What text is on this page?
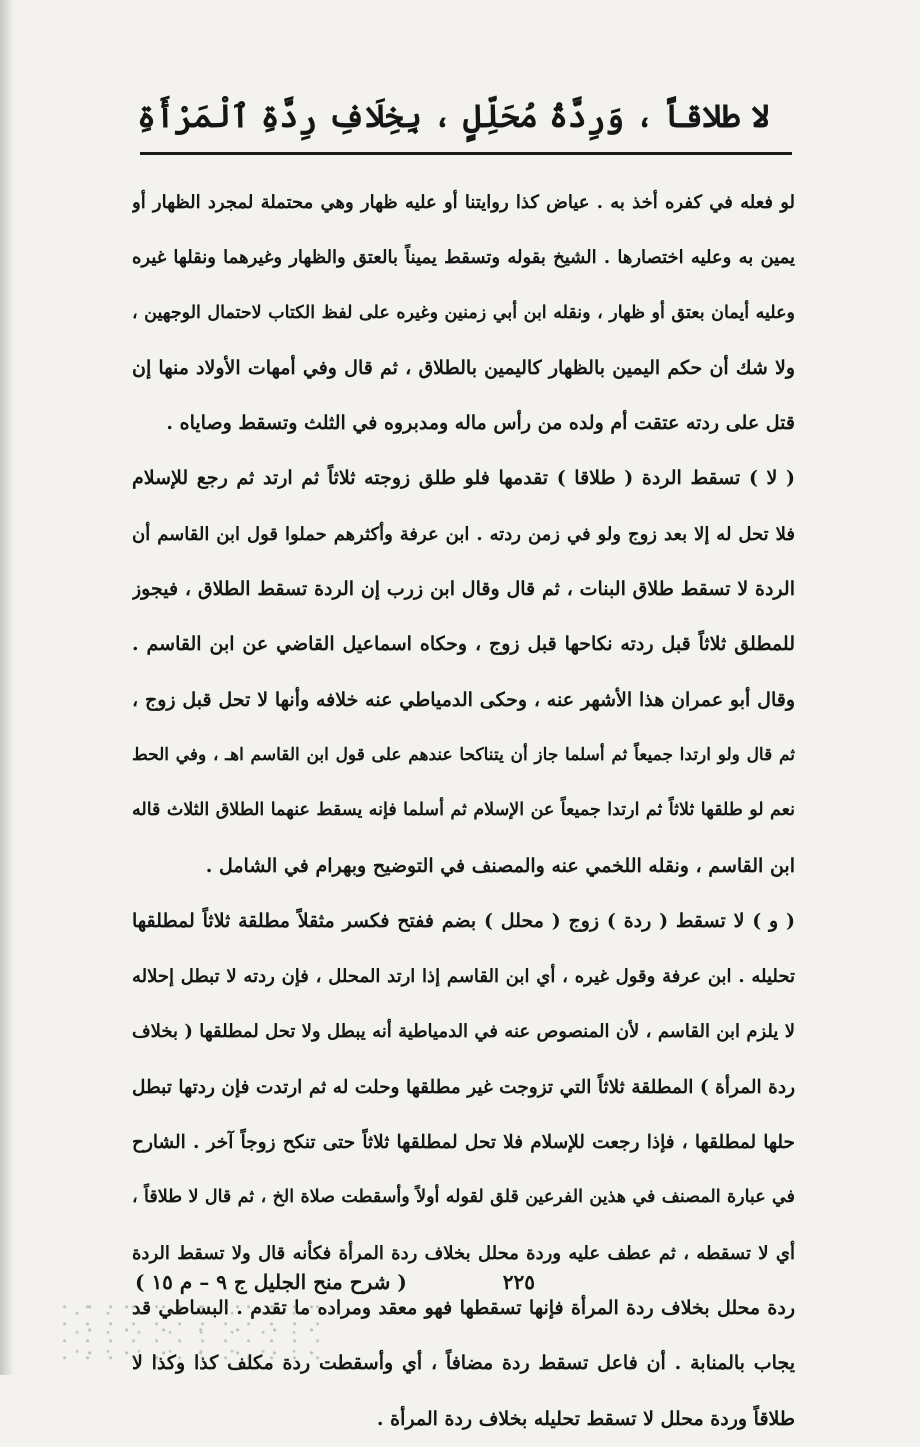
لا طلاقاً ، وَرِدَّةُ مُحَلِّلٍ ، بِخِلَافِ رِدَّةِ ٱلْمَرْأَةِ
لو فعله في كفره أخذ به . عياض كذا روايتنا أو عليه ظهار وهي محتملة لمجرد الظهار أو
يمين به وعليه اختصارها . الشيخ بقوله وتسقط يميناً بالعتق والظهار وغيرهما ونقلها غيره
وعليه أيمان بعتق أو ظهار ، ونقله ابن أبي زمنين وغيره على لفظ الكتاب لاحتمال الوجهين ،
ولا شك أن حكم اليمين بالظهار كاليمين بالطلاق ، ثم قال وفي أمهات الأولاد منها إن
قتل على ردته عتقت أم ولده من رأس ماله ومدبروه في الثلث وتسقط وصاياه .
( لا ) تسقط الردة ( طلاقا ) تقدمها فلو طلق زوجته ثلاثاً ثم ارتد ثم رجع للإسلام
فلا تحل له إلا بعد زوج ولو في زمن ردته . ابن عرفة وأكثرهم حملوا قول ابن القاسم أن
الردة لا تسقط طلاق البنات ، ثم قال وقال ابن زرب إن الردة تسقط الطلاق ، فيجوز
للمطلق ثلاثاً قبل ردته نكاحها قبل زوج ، وحكاه اسماعيل القاضي عن ابن القاسم .
وقال أبو عمران هذا الأشهر عنه ، وحكى الدمياطي عنه خلافه وأنها لا تحل قبل زوج ،
ثم قال ولو ارتدا جميعاً ثم أسلما جاز أن يتناكحا عندهم على قول ابن القاسم اهـ ، وفي الحط
نعم لو طلقها ثلاثاً ثم ارتدا جميعاً عن الإسلام ثم أسلما فإنه يسقط عنهما الطلاق الثلاث قاله
ابن القاسم ، ونقله اللخمي عنه والمصنف في التوضيح وبهرام في الشامل .
( و ) لا تسقط ( ردة ) زوج ( محلل ) بضم ففتح فكسر مثقلاً مطلقة ثلاثاً لمطلقها
تحليله . ابن عرفة وقول غيره ، أي ابن القاسم إذا ارتد المحلل ، فإن ردته لا تبطل إحلاله
لا يلزم ابن القاسم ، لأن المنصوص عنه في الدمياطية أنه يبطل ولا تحل لمطلقها ( بخلاف
ردة المرأة ) المطلقة ثلاثاً التي تزوجت غير مطلقها وحلت له ثم ارتدت فإن ردتها تبطل
حلها لمطلقها ، فإذا رجعت للإسلام فلا تحل لمطلقها ثلاثاً حتى تنكح زوجاً آخر . الشارح
في عبارة المصنف في هذين الفرعين قلق لقوله أولاً وأسقطت صلاة الخ ، ثم قال لا طلاقاً ،
أي لا تسقطه ، ثم عطف عليه وردة محلل بخلاف ردة المرأة فكأنه قال ولا تسقط الردة
ردة محلل بخلاف ردة المرأة فإنها تسقطها فهو معقد ومراده ما تقدم . البساطي قد
يجاب بالمنابة . أن فاعل تسقط ردة مضافاً ، أي وأسقطت ردة مكلف كذا وكذا لا
طلاقاً وردة محلل لا تسقط تحليله بخلاف ردة المرأة .
٢٢٥
( شرح منح الجليل ج ٩ – م ١٥ )
